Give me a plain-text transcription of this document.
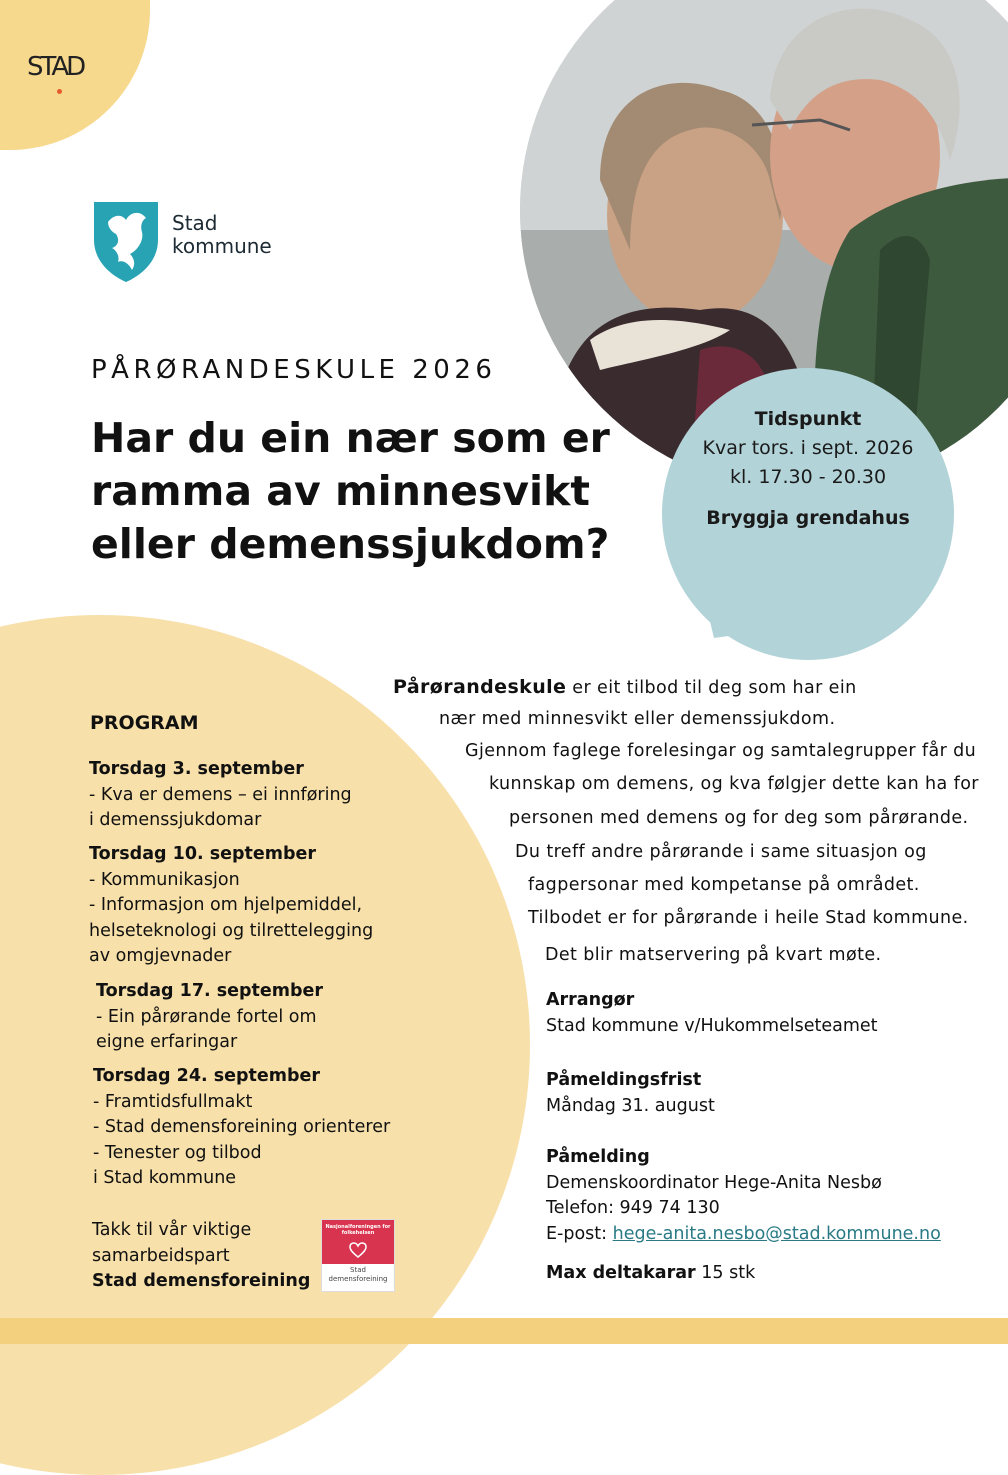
STAD
Stad
kommune
Tidspunkt
Kvar tors. i sept. 2026
kl. 17.30 - 20.30
Bryggja grendahus
PÅRØRANDESKULE 2026
Har du ein nær som er
ramma av minnesvikt
eller demenssjukdom?
PROGRAM
Torsdag 3. september
- Kva er demens – ei innføring
i demenssjukdomar
Torsdag 10. september
- Kommunikasjon
- Informasjon om hjelpemiddel,
helseteknologi og tilrettelegging
av omgjevnader
Torsdag 17. september
- Ein pårørande fortel om
eigne erfaringar
Torsdag 24. september
- Framtidsfullmakt
- Stad demensforeining orienterer
- Tenester og tilbod
i Stad kommune
Takk til vår viktige
samarbeidspart
Stad demensforeining
Nasjonalforeningen for folkehelsen
Stad
demensforeining
Pårørandeskule er eit tilbod til deg som har ein
nær med minnesvikt eller demenssjukdom.
Gjennom faglege forelesingar og samtalegrupper får du
kunnskap om demens, og kva følgjer dette kan ha for
personen med demens og for deg som pårørande.
Du treff andre pårørande i same situasjon og
fagpersonar med kompetanse på området.
Tilbodet er for pårørande i heile Stad kommune.
Det blir matservering på kvart møte.
Arrangør
Stad kommune v/Hukommelseteamet
Påmeldingsfrist
Måndag 31. august
Påmelding
Demenskoordinator Hege-Anita Nesbø
Telefon: 949 74 130
E-post: hege-anita.nesbo@stad.kommune.no
Max deltakarar 15 stk
